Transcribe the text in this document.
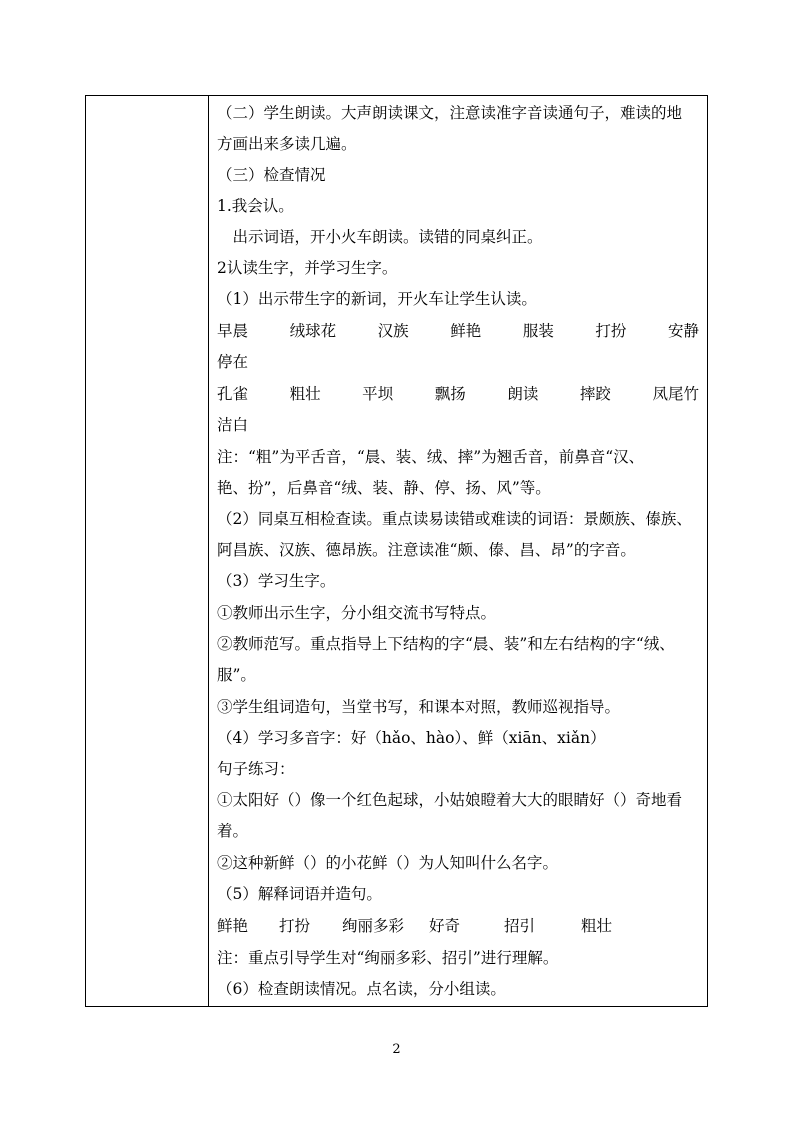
（二）学生朗读。大声朗读课文，注意读准字音读通句子，难读的地
方画出来多读几遍。
（三）检查情况
1.我会认。
　出示词语，开小火车朗读。读错的同桌纠正。
2认读生字，并学习生字。
（1）出示带生字的新词，开火车让学生认读。
早晨	绒球花	汉族	鲜艳	服装	打扮	安静
停在
孔雀	粗壮	平坝	飘扬	朗读	摔跤	凤尾竹
洁白
注：“粗”为平舌音，“晨、装、绒、摔”为翘舌音，前鼻音“汉、
艳、扮”，后鼻音“绒、装、静、停、扬、风”等。
（2）同桌互相检查读。重点读易读错或难读的词语：景颇族、傣族、
阿昌族、汉族、德昂族。注意读准“颇、傣、昌、昂”的字音。
（3）学习生字。
①教师出示生字，分小组交流书写特点。
②教师范写。重点指导上下结构的字“晨、装”和左右结构的字“绒、
服”。
③学生组词造句，当堂书写，和课本对照，教师巡视指导。
（4）学习多音字：好（hǎo、hào）、鲜（xiān、xiǎn）
句子练习：
①太阳好（）像一个红色起球，小姑娘瞪着大大的眼睛好（）奇地看
着。
②这种新鲜（）的小花鲜（）为人知叫什么名字。
（5）解释词语并造句。
鲜艳 打扮 绚丽多彩 好奇	招引	粗壮
注：重点引导学生对“绚丽多彩、招引”进行理解。
（6）检查朗读情况。点名读，分小组读。
2
